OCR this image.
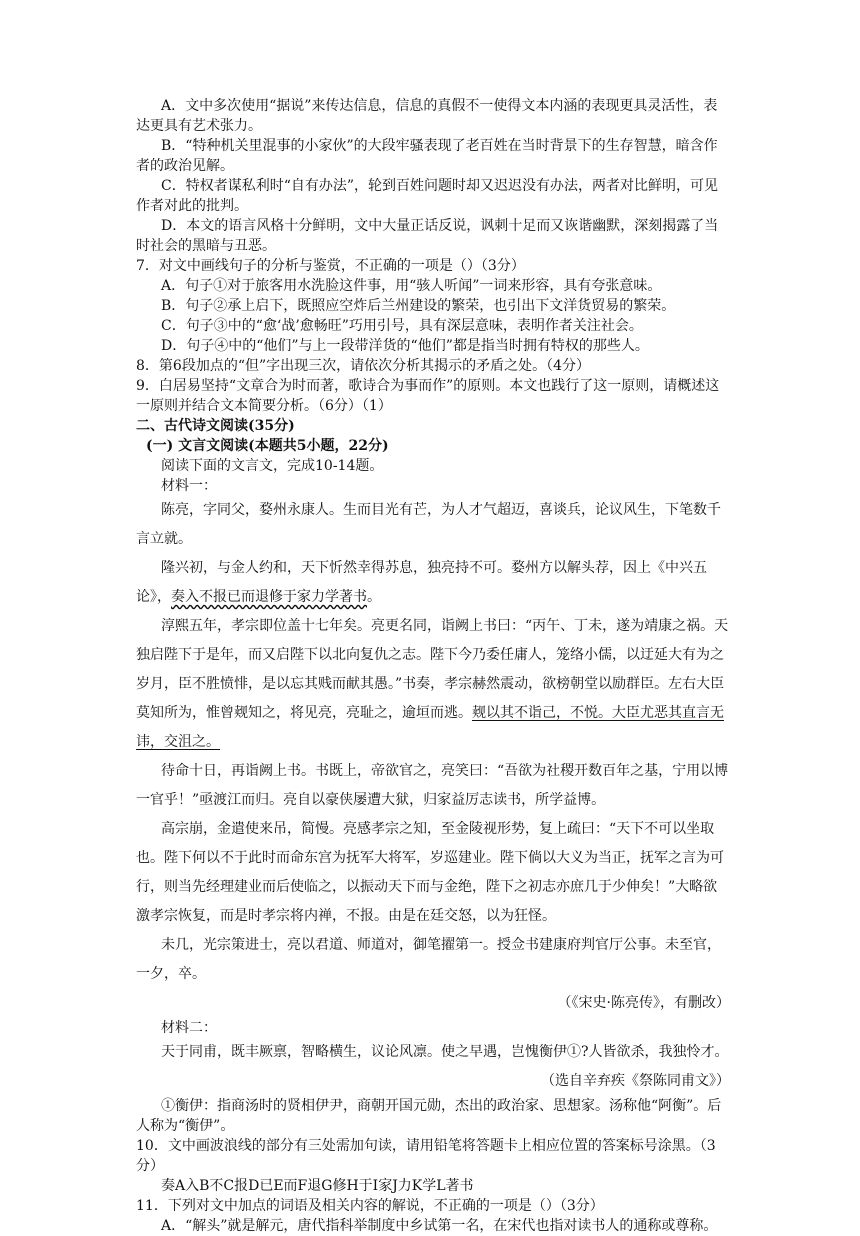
A．文中多次使用“据说”来传达信息，信息的真假不一使得文本内涵的表现更具灵活性，表达更具有艺术张力。

B．“特种机关里混事的小家伙”的大段牢骚表现了老百姓在当时背景下的生存智慧，暗含作者的政治见解。

C．特权者谋私利时“自有办法”，轮到百姓问题时却又迟迟没有办法，两者对比鲜明，可见作者对此的批判。

D．本文的语言风格十分鲜明，文中大量正话反说，讽刺十足而又诙谐幽默，深刻揭露了当时社会的黑暗与丑恶。

7．对文中画线句子的分析与鉴赏，不正确的一项是（）（3分）

A．句子①对于旅客用水洗脸这件事，用“骇人听闻”一词来形容，具有夸张意味。

B．句子②承上启下，既照应空炸后兰州建设的繁荣，也引出下文洋货贸易的繁荣。

C．句子③中的“愈‘战’愈畅旺”巧用引号，具有深层意味，表明作者关注社会。

D．句子④中的“他们”与上一段带洋货的“他们”都是指当时拥有特权的那些人。

8．第6段加点的“但”字出现三次，请依次分析其揭示的矛盾之处。（4分）

9．白居易坚持“文章合为时而著，歌诗合为事而作”的原则。本文也践行了这一原则，请概述这一原则并结合文本简要分析。（6分）（1）

二、古代诗文阅读(35分)

(一) 文言文阅读(本题共5小题，22分)

阅读下面的文言文，完成10-14题。

材料一：

陈亮，字同父，婺州永康人。生而目光有芒，为人才气超迈，喜谈兵，论议风生，下笔数千言立就。

隆兴初，与金人约和，天下忻然幸得苏息，独亮持不可。婺州方以解头荐，因上《中兴五论》，奏入不报已而退修于家力学著书。

淳熙五年，孝宗即位盖十七年矣。亮更名同，诣阙上书曰：“丙午、丁未，遂为靖康之祸。天独启陛下于是年，而又启陛下以北向复仇之志。陛下今乃委任庸人，笼络小儒，以迂延大有为之岁月，臣不胜愤悱，是以忘其贱而献其愚。”书奏，孝宗赫然震动，欲榜朝堂以励群臣。左右大臣莫知所为，惟曾觌知之，将见亮，亮耻之，逾垣而逃。觌以其不诣己，不悦。大臣尤恶其直言无讳，交沮之。

待命十日，再诣阙上书。书既上，帝欲官之，亮笑曰：“吾欲为社稷开数百年之基，宁用以博一官乎！”亟渡江而归。亮自以豪侠屡遭大狱，归家益厉志读书，所学益博。

高宗崩，金遣使来吊，简慢。亮感孝宗之知，至金陵视形势，复上疏曰：“天下不可以坐取也。陛下何以不于此时而命东宫为抚军大将军，岁巡建业。陛下倘以大义为当正，抚军之言为可行，则当先经理建业而后使临之，以振动天下而与金绝，陛下之初志亦庶几于少伸矣！”大略欲激孝宗恢复，而是时孝宗将内禅，不报。由是在廷交怒，以为狂怪。

未几，光宗策进士，亮以君道、师道对，御笔擢第一。授佥书建康府判官厅公事。未至官，一夕，卒。

（《宋史·陈亮传》，有删改）

材料二：

天于同甫，既丰厥禀，智略横生，议论风凛。使之早遇，岂愧衡伊①?人皆欲杀，我独怜才。

（选自辛弃疾《祭陈同甫文》）

①衡伊：指商汤时的贤相伊尹，商朝开国元勋，杰出的政治家、思想家。汤称他“阿衡”。后人称为“衡伊”。

10．文中画波浪线的部分有三处需加句读，请用铅笔将答题卡上相应位置的答案标号涂黑。（3分）

奏A入B不C报D已E而F退G修H于I家J力K学L著书

11．下列对文中加点的词语及相关内容的解说，不正确的一项是（）（3分）

A．“解头”就是解元，唐代指科举制度中乡试第一名，在宋代也指对读书人的通称或尊称。
